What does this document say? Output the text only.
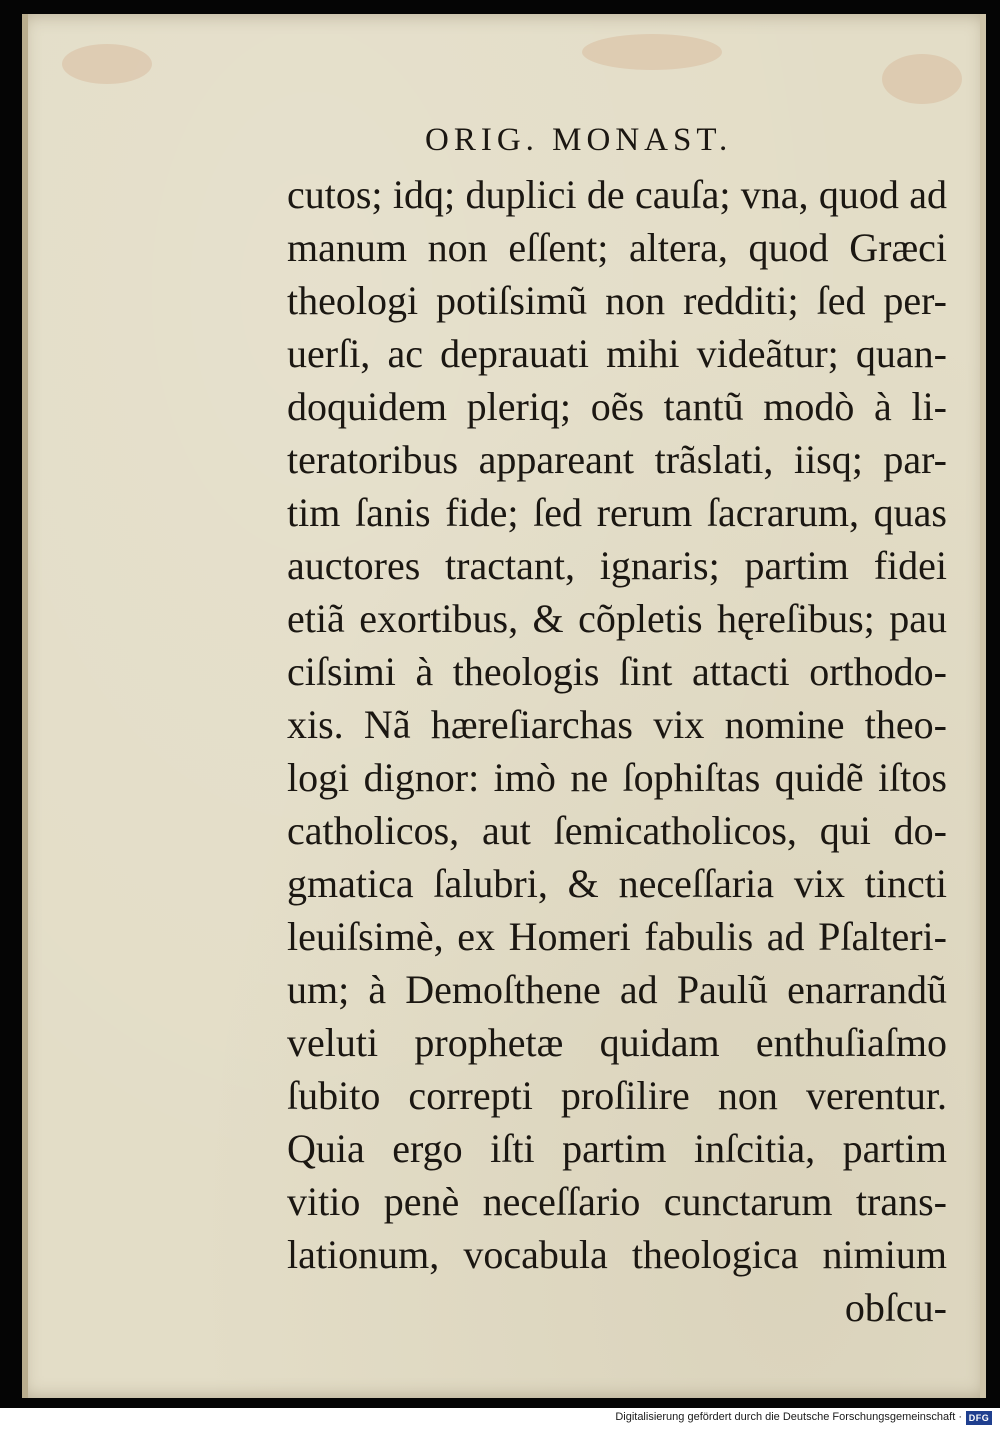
ORIG. MONAST.
cutos; idq; duplici de cauſa; vna, quod ad
manum non eſſent; altera, quod Græci
theologi potiſsimũ non redditi; ſed per-
uerſi, ac deprauati mihi videãtur; quan-
doquidem pleriq; oẽs tantũ modò à li-
teratoribus appareant trãslati, iisq; par-
tim ſanis fide; ſed rerum ſacrarum, quas
auctores tractant, ignaris; partim fidei
etiã exortibus, & cõpletis hęreſibus; pau
ciſsimi à theologis ſint attacti orthodo-
xis. Nã hæreſiarchas vix nomine theo-
logi dignor: imò ne ſophiſtas quidẽ iſtos
catholicos, aut ſemicatholicos, qui do-
gmatica ſalubri, & neceſſaria vix tincti
leuiſsimè, ex Homeri fabulis ad Pſalteri-
um; à Demoſthene ad Paulũ enarrandũ
veluti prophetæ quidam enthuſiaſmo
ſubito correpti proſilire non verentur.
Quia ergo iſti partim inſcitia, partim
vitio penè neceſſario cunctarum trans-
lationum, vocabula theologica nimium
obſcu-
Digitalisierung gefördert durch die Deutsche Forschungsgemeinschaft · DFG
